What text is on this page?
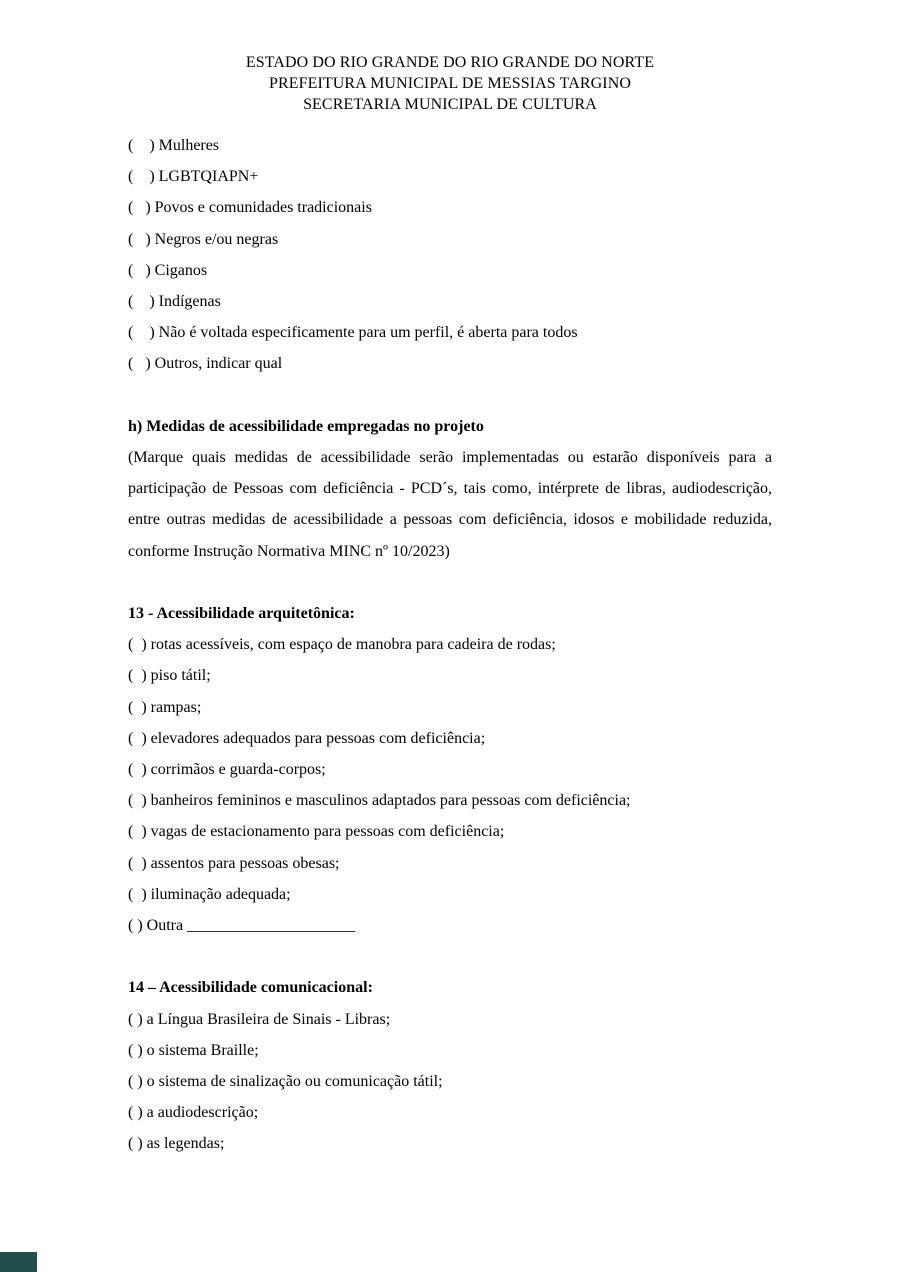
ESTADO DO RIO GRANDE DO RIO GRANDE DO NORTE
PREFEITURA MUNICIPAL DE MESSIAS TARGINO
SECRETARIA MUNICIPAL DE CULTURA
(    ) Mulheres
(    ) LGBTQIAPN+
(   ) Povos e comunidades tradicionais
(   ) Negros e/ou negras
(   ) Ciganos
(    ) Indígenas
(    ) Não é voltada especificamente para um perfil, é aberta para todos
(   ) Outros, indicar qual
h) Medidas de acessibilidade empregadas no projeto
(Marque quais medidas de acessibilidade serão implementadas ou estarão disponíveis para a participação de Pessoas com deficiência - PCD´s, tais como, intérprete de libras, audiodescrição, entre outras medidas de acessibilidade a pessoas com deficiência, idosos e mobilidade reduzida, conforme Instrução Normativa MINC nº 10/2023)
13 - Acessibilidade arquitetônica:
(  ) rotas acessíveis, com espaço de manobra para cadeira de rodas;
(  ) piso tátil;
(  ) rampas;
(  ) elevadores adequados para pessoas com deficiência;
(  ) corrimãos e guarda-corpos;
(  ) banheiros femininos e masculinos adaptados para pessoas com deficiência;
(  ) vagas de estacionamento para pessoas com deficiência;
(  ) assentos para pessoas obesas;
(  ) iluminação adequada;
( ) Outra _____________________
14 – Acessibilidade comunicacional:
( ) a Língua Brasileira de Sinais - Libras;
( ) o sistema Braille;
( ) o sistema de sinalização ou comunicação tátil;
( ) a audiodescrição;
( ) as legendas;
